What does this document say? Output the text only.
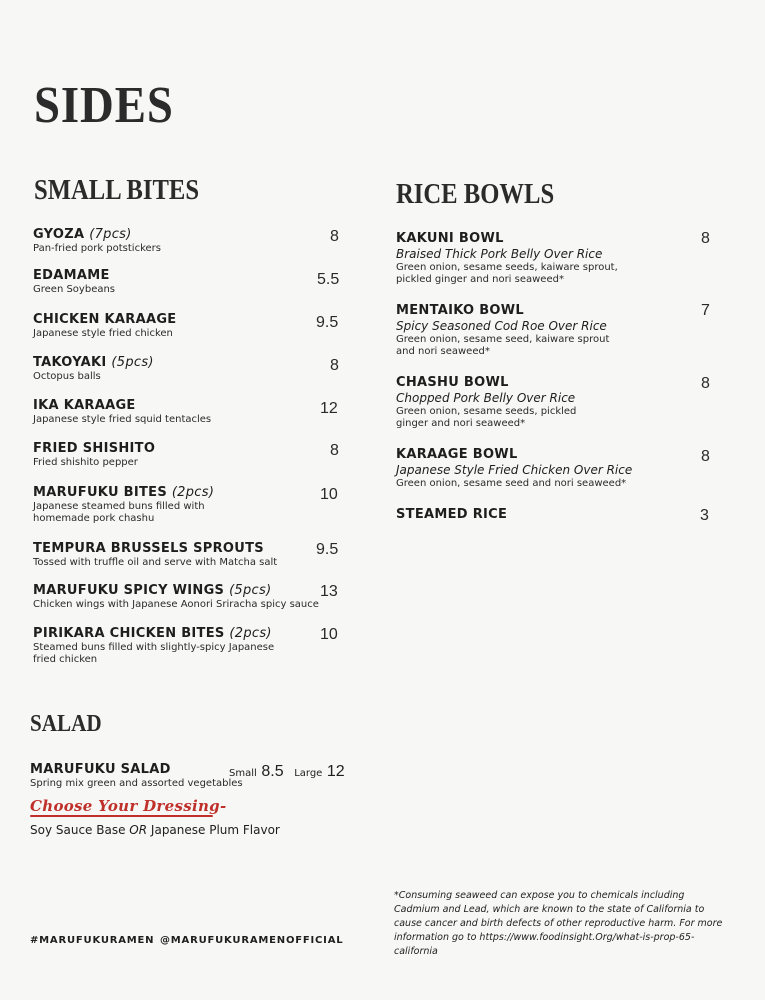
SIDES
SMALL BITES
GYOZA (7pcs)
Pan-fried pork potstickers
8
EDAMAME
Green Soybeans
5.5
CHICKEN KARAAGE
Japanese style fried chicken
9.5
TAKOYAKI (5pcs)
Octopus balls
8
IKA KARAAGE
Japanese style fried squid tentacles
12
FRIED SHISHITO
Fried shishito pepper
8
MARUFUKU BITES (2pcs)
Japanese steamed buns filled with homemade pork chashu
10
TEMPURA BRUSSELS SPROUTS
Tossed with truffle oil and serve with Matcha salt
9.5
MARUFUKU SPICY WINGS (5pcs)
Chicken wings with Japanese Aonori Sriracha spicy sauce
13
PIRIKARA CHICKEN BITES (2pcs)
Steamed buns filled with slightly-spicy Japanese fried chicken
10
SALAD
MARUFUKU SALAD
Spring mix green and assorted vegetables
Small 8.5 Large 12
Choose Your Dressing-
Soy Sauce Base OR Japanese Plum Flavor
RICE BOWLS
KAKUNI BOWL
Braised Thick Pork Belly Over Rice
Green onion, sesame seeds, kaiware sprout, pickled ginger and nori seaweed*
8
MENTAIKO BOWL
Spicy Seasoned Cod Roe Over Rice
Green onion, sesame seed, kaiware sprout and nori seaweed*
7
CHASHU BOWL
Chopped Pork Belly Over Rice
Green onion, sesame seeds, pickled ginger and nori seaweed*
8
KARAAGE BOWL
Japanese Style Fried Chicken Over Rice
Green onion, sesame seed and nori seaweed*
8
STEAMED RICE	3
*Consuming seaweed can expose you to chemicals including Cadmium and Lead, which are known to the state of California to cause cancer and birth defects of other reproductive harm. For more information go to https://www.foodinsight.Org/what-is-prop-65-california
#MARUFUKURAMEN @MARUFUKURAMENOFFICIAL
